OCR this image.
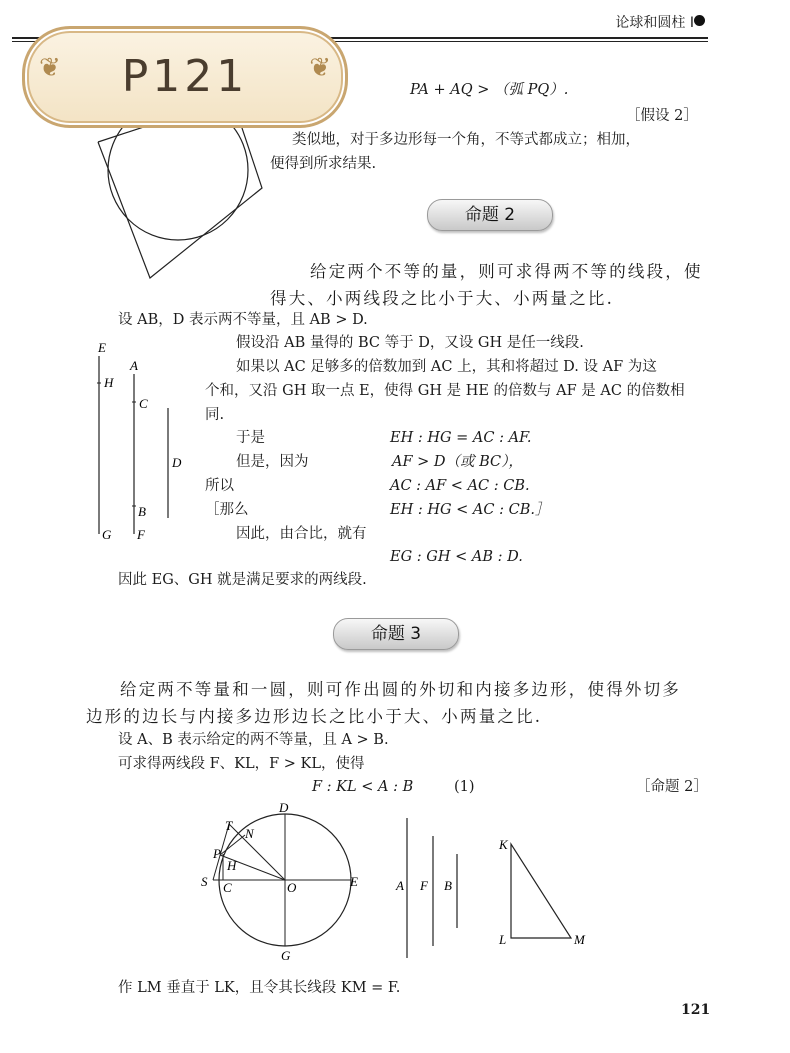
论球和圆柱 I
❦	❦
P121	PA + AQ > （弧 PQ）.
［假设 2］
类似地，对于多边形每一个角，不等式都成立；相加，
便得到所求结果.
命题 2
给定两个不等的量，则可求得两不等的线段，使
得大、小两线段之比小于大、小两量之比.
设 AB，D 表示两不等量，且 AB > D.
假设沿 AB 量得的 BC 等于 D，又设 GH 是任一线段.
如果以 AC 足够多的倍数加到 AC 上，其和将超过 D. 设 AF 为这
个和，又沿 GH 取一点 E，使得 GH 是 HE 的倍数与 AF 是 AC 的倍数相
同.
于是	EH : HG = AC : AF.
但是，因为	AF > D（或 BC），
所以	AC : AF < AC : CB.
［那么	EH : HG < AC : CB.］
因此，由合比，就有
EG : GH < AB : D.
因此 EG、GH 就是满足要求的两线段.
E
H
G
A
C
B
F
D
命题 3
给定两不等量和一圆，则可作出圆的外切和内接多边形，使得外切多
边形的边长与内接多边形边长之比小于大、小两量之比.
设 A、B 表示给定的两不等量，且 A > B.
可求得两线段 F、KL，F > KL，使得
F : KL < A : B	(1)	［命题 2］
D
T
N
P
H
S C	O	E
G
A F B
K
L	M
作 LM 垂直于 LK，且令其长线段 KM = F.
121
